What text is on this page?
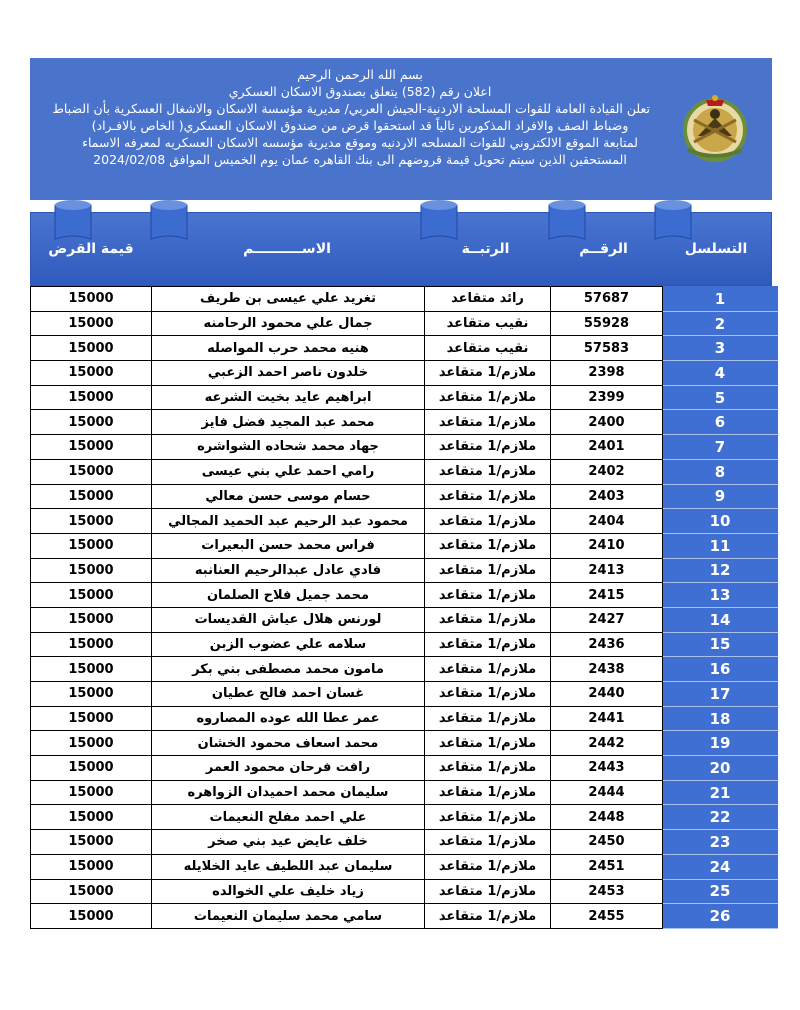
بسم الله الرحمن الرحيم
اعلان رقم (582) يتعلق بصندوق الاسكان العسكري
تعلن القيادة العامة للقوات المسلحة الاردنية-الجيش العربي/ مديرية مؤسسة الاسكان والاشغال العسكرية بأن الضباط
وضباط الصف والافراد المذكورين تالياً قد استحقوا قرض من صندوق الاسكان العسكري( الخاص بالافـراد)
لمتابعة الموقع الالكتروني للقوات المسلحه الاردنيه وموقع مديرية مؤسسه الاسكان العسكريه لمعرفه الاسماء
المستحقين الذين سيتم تحويل قيمة قروضهم الى بنك القاهره عمان يوم الخميس الموافق 2024/02/08
قيمة القرض	الاســــــــــم	الرتبــة	الرقــم	التسلسل
15000	تغريد علي عيسى بن طريف	رائد متقاعد	57687	1
15000	جمال علي محمود الرحامنه	نقيب متقاعد	55928	2
15000	هنيه محمد حرب المواصله	نقيب متقاعد	57583	3
15000	خلدون ناصر احمد الزعبي	ملازم/1 متقاعد	2398	4
15000	ابراهيم عايد بخيت الشرعه	ملازم/1 متقاعد	2399	5
15000	محمد عبد المجيد فضل فايز	ملازم/1 متقاعد	2400	6
15000	جهاد محمد شحاده الشواشره	ملازم/1 متقاعد	2401	7
15000	رامي احمد علي بني عيسى	ملازم/1 متقاعد	2402	8
15000	حسام موسى حسن معالي	ملازم/1 متقاعد	2403	9
15000	محمود عبد الرحيم عبد الحميد المجالي	ملازم/1 متقاعد	2404	10
15000	فراس محمد حسن البعيرات	ملازم/1 متقاعد	2410	11
15000	فادي عادل عبدالرحيم العنانبه	ملازم/1 متقاعد	2413	12
15000	محمد جميل فلاح الصلمان	ملازم/1 متقاعد	2415	13
15000	لورنس هلال عياش القديسات	ملازم/1 متقاعد	2427	14
15000	سلامه علي عضوب الزبن	ملازم/1 متقاعد	2436	15
15000	مامون محمد مصطفى بني بكر	ملازم/1 متقاعد	2438	16
15000	غسان احمد فالح عطيان	ملازم/1 متقاعد	2440	17
15000	عمر عطا الله عوده المصاروه	ملازم/1 متقاعد	2441	18
15000	محمد اسعاف محمود الخشان	ملازم/1 متقاعد	2442	19
15000	رافت فرحان محمود العمر	ملازم/1 متقاعد	2443	20
15000	سليمان محمد احميدان الزواهره	ملازم/1 متقاعد	2444	21
15000	علي احمد مفلح النعيمات	ملازم/1 متقاعد	2448	22
15000	خلف عايض عيد بني صخر	ملازم/1 متقاعد	2450	23
15000	سليمان عبد اللطيف عايد الخلايله	ملازم/1 متقاعد	2451	24
15000	زياد خليف علي الخوالده	ملازم/1 متقاعد	2453	25
15000	سامي محمد سليمان النعيمات	ملازم/1 متقاعد	2455	26
